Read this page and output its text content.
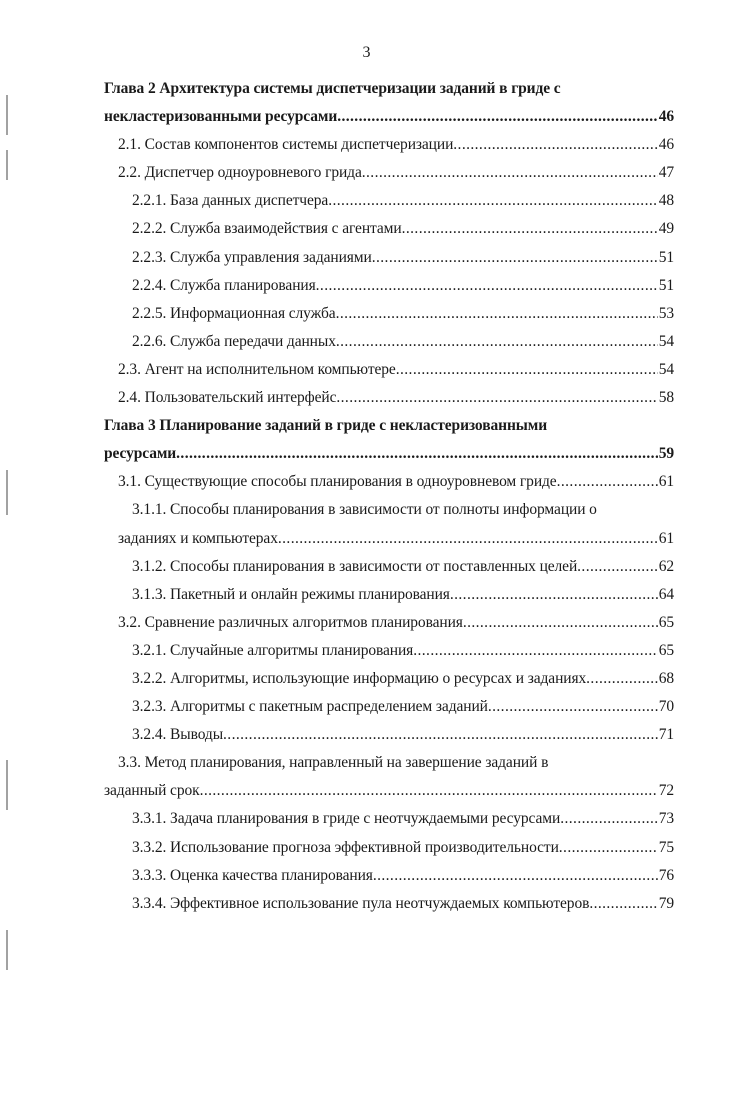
3
Глава 2 Архитектура системы диспетчеризации заданий в гриде с
некластеризованными ресурсами .....	46
2.1. Состав компонентов системы диспетчеризации .....	46
2.2. Диспетчер одноуровневого грида .....	47
2.2.1. База данных диспетчера .....	48
2.2.2. Служба взаимодействия с агентами .....	49
2.2.3. Служба управления заданиями .....	51
2.2.4. Служба планирования .....	51
2.2.5. Информационная служба .....	53
2.2.6. Служба передачи данных .....	54
2.3. Агент на исполнительном компьютере .....	54
2.4. Пользовательский интерфейс .....	58
Глава 3 Планирование заданий в гриде с некластеризованными
ресурсами .....	59
3.1. Существующие способы планирования в одноуровневом гриде .....	61
3.1.1. Способы планирования в зависимости от полноты информации о
заданиях и компьютерах .....	61
3.1.2. Способы планирования в зависимости от поставленных целей .....	62
3.1.3. Пакетный и онлайн режимы планирования .....	64
3.2. Сравнение различных алгоритмов планирования .....	65
3.2.1. Случайные алгоритмы планирования .....	65
3.2.2. Алгоритмы, использующие информацию о ресурсах и заданиях .....	68
3.2.3. Алгоритмы с пакетным распределением заданий .....	70
3.2.4. Выводы .....	71
3.3. Метод планирования, направленный на завершение заданий в
заданный срок .....	72
3.3.1. Задача планирования в гриде с неотчуждаемыми ресурсами .....	73
3.3.2. Использование прогноза эффективной производительности .....	75
3.3.3. Оценка качества планирования .....	76
3.3.4. Эффективное использование пула неотчуждаемых компьютеров .....	79
